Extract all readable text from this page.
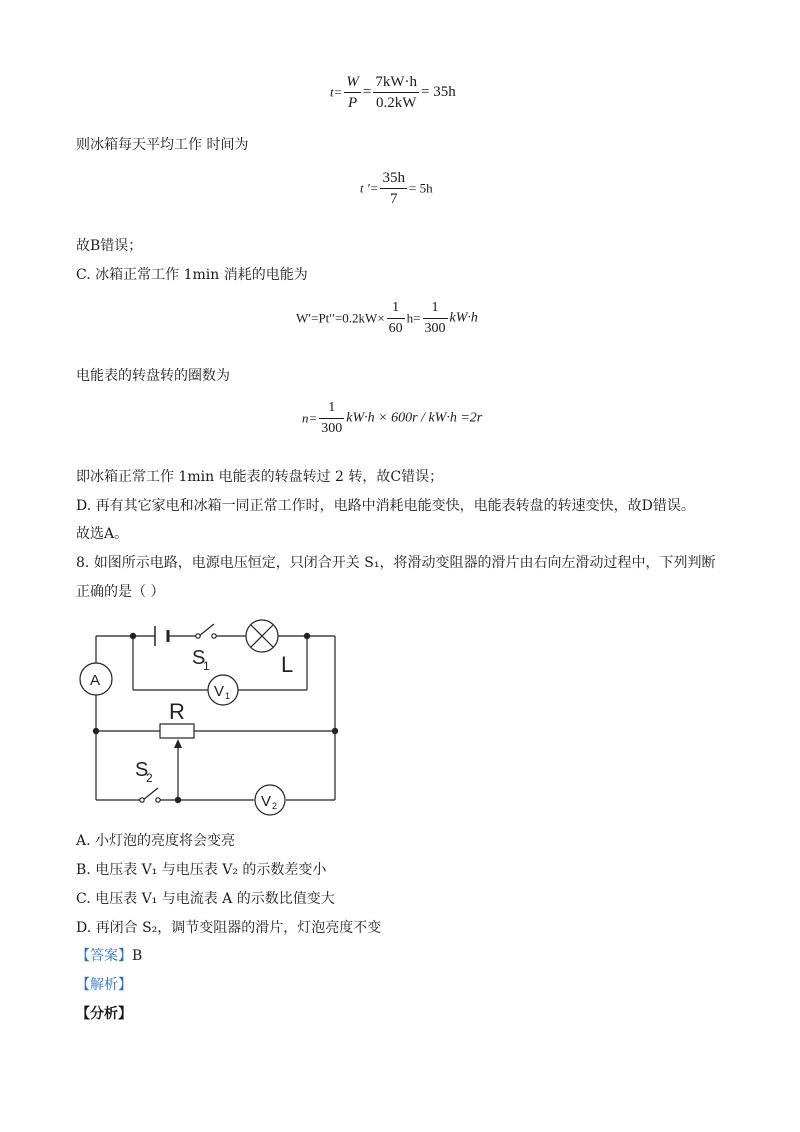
$t= \frac{W}{P} = \frac{7kW\cdot h}{0.2kW} = 35h$
则冰箱每天平均工作 时间为
t ′= $\frac{35h}{7} = 5h$
故B错误；
C. 冰箱正常工作 1min 消耗的电能为
$W'=Pt''=0.2kW\times \frac{1}{60} h= \frac{1}{300} kW\cdot h$
电能表的转盘转的圈数为
$n= \frac{1}{300} kW\cdot h \times 600r / kW\cdot h =2r$
即冰箱正常工作 1min 电能表的转盘转过 2 转，故C错误；
D. 再有其它家电和冰箱一同正常工作时，电路中消耗电能变快，电能表转盘的转速变快，故D错误。
故选A。
8. 如图所示电路，电源电压恒定，只闭合开关 S₁，将滑动变阻器的滑片由右向左滑动过程中，下列判断
正确的是（ ）
A
S
1	L
V 1
R
S
2
V 2
A. 小灯泡的亮度将会变亮
B. 电压表 V₁ 与电压表 V₂ 的示数差变小
C. 电压表 V₁ 与电流表 A 的示数比值变大
D. 再闭合 S₂，调节变阻器的滑片，灯泡亮度不变
【答案】B
【解析】
【分析】
